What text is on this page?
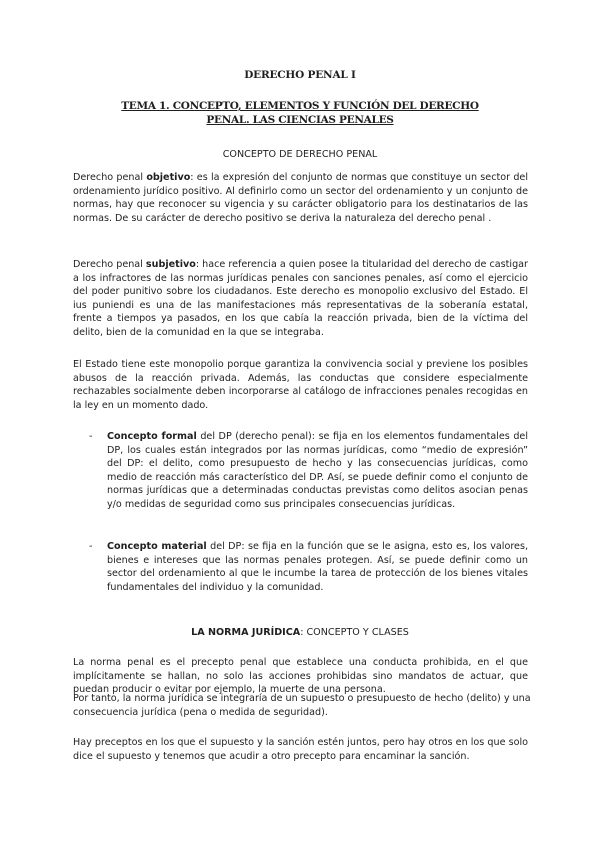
DERECHO PENAL I
TEMA 1. CONCEPTO, ELEMENTOS Y FUNCIÓN DEL DERECHO PENAL. LAS CIENCIAS PENALES
CONCEPTO DE DERECHO PENAL
Derecho penal objetivo: es la expresión del conjunto de normas que constituye un sector del ordenamiento jurídico positivo. Al definirlo como un sector del ordenamiento y un conjunto de normas, hay que reconocer su vigencia y su carácter obligatorio para los destinatarios de las normas. De su carácter de derecho positivo se deriva la naturaleza del derecho penal .
Derecho penal subjetivo: hace referencia a quien posee la titularidad del derecho de castigar a los infractores de las normas jurídicas penales con sanciones penales, así como el ejercicio del poder punitivo sobre los ciudadanos. Este derecho es monopolio exclusivo del Estado. El ius puniendi es una de las manifestaciones más representativas de la soberanía estatal, frente a tiempos ya pasados, en los que cabía la reacción privada, bien de la víctima del delito, bien de la comunidad en la que se integraba.
El Estado tiene este monopolio porque garantiza la convivencia social y previene los posibles abusos de la reacción privada. Además, las conductas que considere especialmente rechazables socialmente deben incorporarse al catálogo de infracciones penales recogidas en la ley en un momento dado.
- Concepto formal del DP (derecho penal): se fija en los elementos fundamentales del DP, los cuales están integrados por las normas jurídicas, como “medio de expresión” del DP: el delito, como presupuesto de hecho y las consecuencias jurídicas, como medio de reacción más característico del DP. Así, se puede definir como el conjunto de normas jurídicas que a determinadas conductas previstas como delitos asocian penas y/o medidas de seguridad como sus principales consecuencias jurídicas.
- Concepto material del DP: se fija en la función que se le asigna, esto es, los valores, bienes e intereses que las normas penales protegen. Así, se puede definir como un sector del ordenamiento al que le incumbe la tarea de protección de los bienes vitales fundamentales del individuo y la comunidad.
LA NORMA JURÍDICA: CONCEPTO Y CLASES
La norma penal es el precepto penal que establece una conducta prohibida, en el que implícitamente se hallan, no solo las acciones prohibidas sino mandatos de actuar, que puedan producir o evitar por ejemplo, la muerte de una persona.
Por tanto, la norma jurídica se integraría de un supuesto o presupuesto de hecho (delito) y una consecuencia jurídica (pena o medida de seguridad).
Hay preceptos en los que el supuesto y la sanción estén juntos, pero hay otros en los que solo dice el supuesto y tenemos que acudir a otro precepto para encaminar la sanción.
